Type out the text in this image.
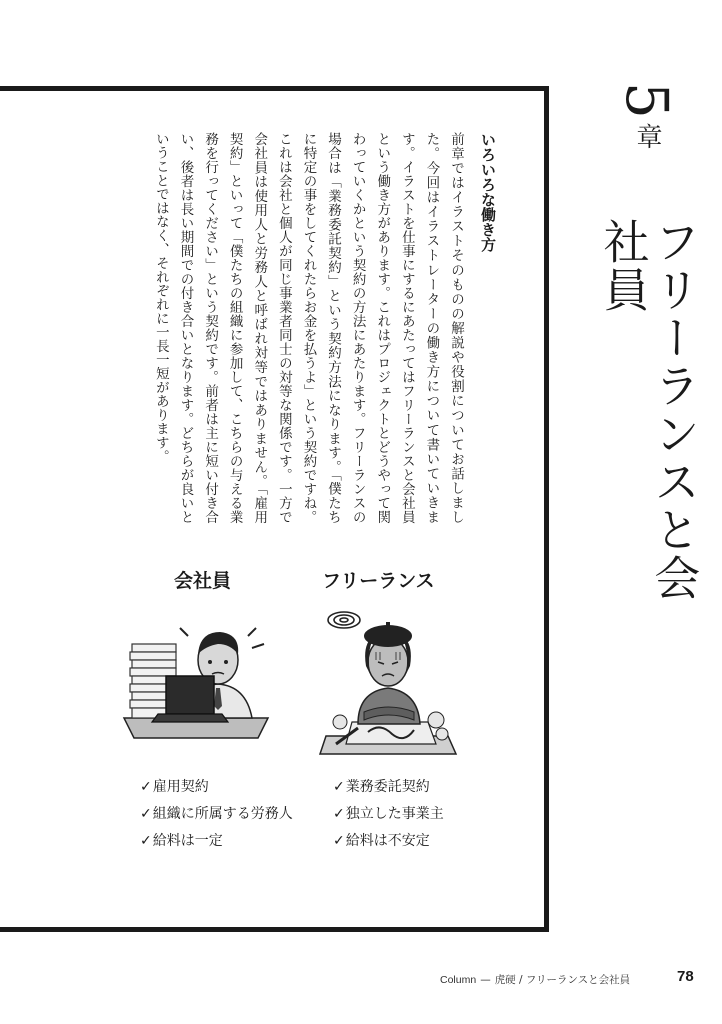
5章
フリーランスと会社員
いろいろな働き方
前章ではイラストそのものの解説や役割についてお話しました。今回はイラストレーターの働き方について書いていきます。イラストを仕事にするにあたってはフリーランスと会社員という働き方があります。これはプロジェクトとどうやって関わっていくかという契約の方法にあたります。フリーランスの場合は「業務委託契約」という契約方法になります。「僕たちに特定の事をしてくれたらお金を払うよ」という契約ですね。これは会社と個人が同じ事業者同士の対等な関係です。一方で会社員は使用人と労務人と呼ばれ対等ではありません。「雇用契約」といって「僕たちの組織に参加して、こちらの与える業務を行ってください」という契約です。前者は主に短い付き合い、後者は長い期間での付き合いとなります。どちらが良いということではなく、それぞれに一長一短があります。
会社員	フリーランス
✓ 雇用契約
✓ 組織に所属する労務人
✓ 給料は一定
✓ 業務委託契約
✓ 独立した事業主
✓ 給料は不安定
Column — 虎硬 / フリーランスと会社員	78
